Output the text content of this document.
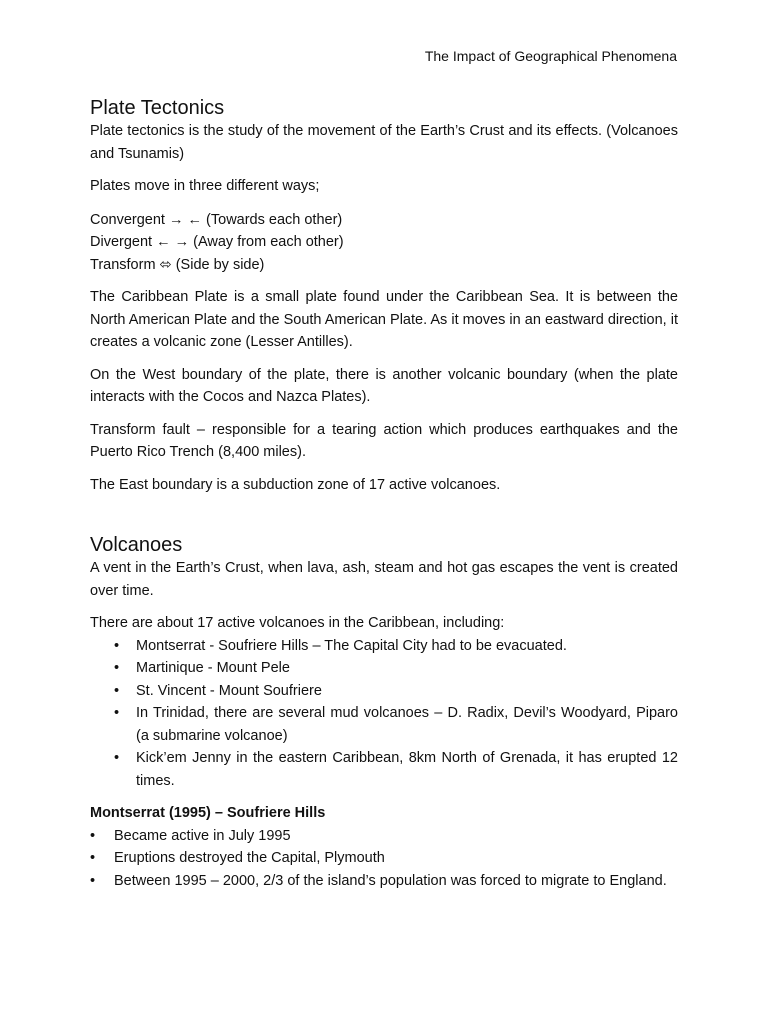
The Impact of Geographical Phenomena
Plate Tectonics

Plate tectonics is the study of the movement of the Earth’s Crust and its effects. (Volcanoes and Tsunamis)

Plates move in three different ways;

Convergent → ← (Towards each other)
Divergent ← → (Away from each other)
Transform ⬄ (Side by side)

The Caribbean Plate is a small plate found under the Caribbean Sea. It is between the North American Plate and the South American Plate. As it moves in an eastward direction, it creates a volcanic zone (Lesser Antilles).

On the West boundary of the plate, there is another volcanic boundary (when the plate interacts with the Cocos and Nazca Plates).

Transform fault – responsible for a tearing action which produces earthquakes and the Puerto Rico Trench (8,400 miles).

The East boundary is a subduction zone of 17 active volcanoes.

Volcanoes

A vent in the Earth’s Crust, when lava, ash, steam and hot gas escapes the vent is created over time.

There are about 17 active volcanoes in the Caribbean, including:

• Montserrat - Soufriere Hills – The Capital City had to be evacuated.
• Martinique - Mount Pele
• St. Vincent - Mount Soufriere
• In Trinidad, there are several mud volcanoes – D. Radix, Devil’s Woodyard, Piparo (a submarine volcanoe)
• Kick’em Jenny in the eastern Caribbean, 8km North of Grenada, it has erupted 12 times.
Montserrat (1995) – Soufriere Hills
• Became active in July 1995
• Eruptions destroyed the Capital, Plymouth
• Between 1995 – 2000, 2/3 of the island’s population was forced to migrate to England.
